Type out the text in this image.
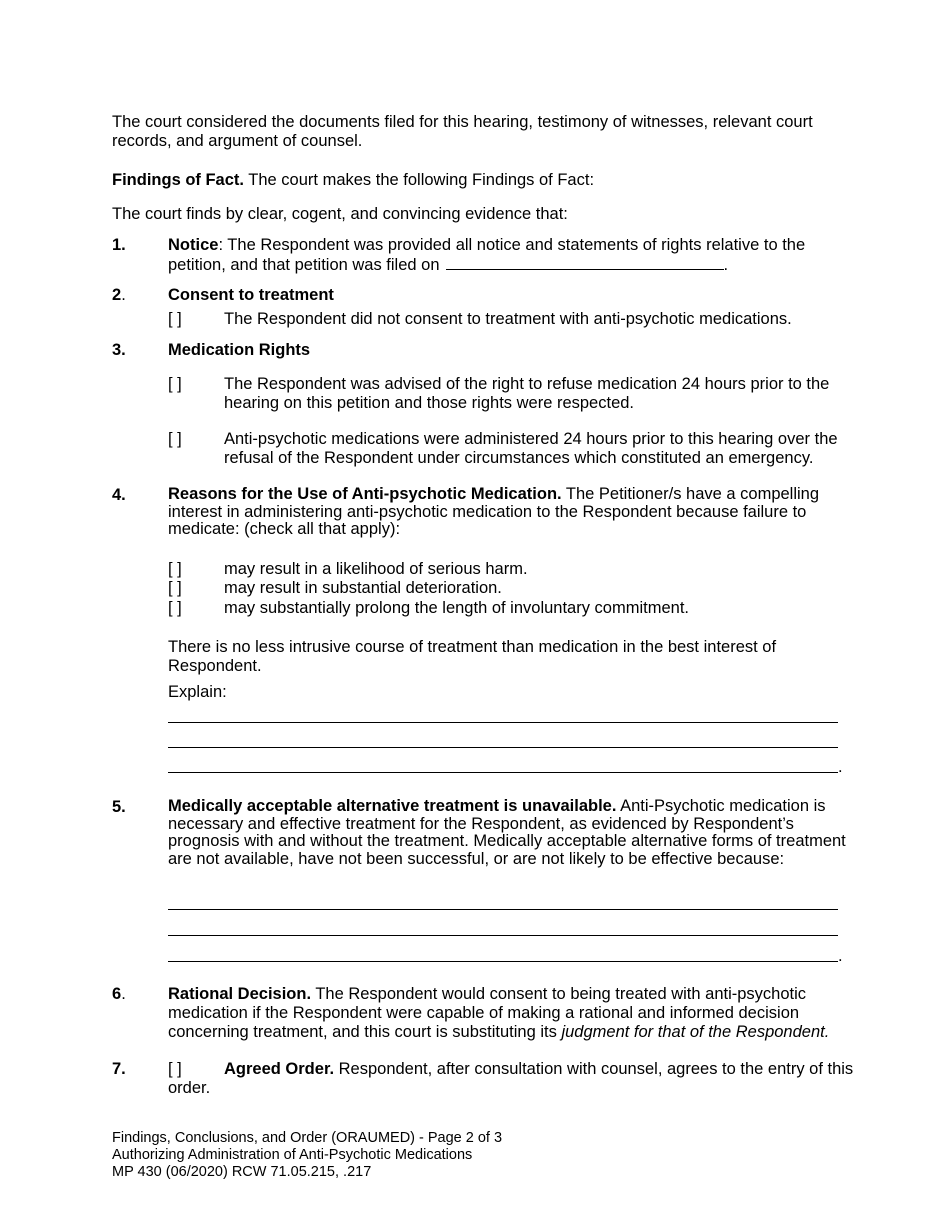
The court considered the documents filed for this hearing, testimony of witnesses, relevant court records, and argument of counsel.

Findings of Fact. The court makes the following Findings of Fact:

The court finds by clear, cogent, and convincing evidence that:

1.	Notice: The Respondent was provided all notice and statements of rights relative to the petition, and that petition was filed on	.

2.	Consent to treatment
[ ]	The Respondent did not consent to treatment with anti-psychotic medications.
3.	Medication Rights
[ ]	The Respondent was advised of the right to refuse medication 24 hours prior to the hearing on this petition and those rights were respected.

[ ]	Anti-psychotic medications were administered 24 hours prior to this hearing over the refusal of the Respondent under circumstances which constituted an emergency.

4.	Reasons for the Use of Anti-psychotic Medication. The Petitioner/s have a compelling interest in administering anti-psychotic medication to the Respondent because failure to medicate: (check all that apply):

[ ]	may result in a likelihood of serious harm.
[ ]	may result in substantial deterioration.
[ ]	may substantially prolong the length of involuntary commitment.

There is no less intrusive course of treatment than medication in the best interest of Respondent.

Explain:
.
5.	Medically acceptable alternative treatment is unavailable. Anti-Psychotic medication is necessary and effective treatment for the Respondent, as evidenced by Respondent’s prognosis with and without the treatment. Medically acceptable alternative forms of treatment are not available, have not been successful, or are not likely to be effective because:

.
6.	Rational Decision. The Respondent would consent to being treated with anti-psychotic medication if the Respondent were capable of making a rational and informed decision concerning treatment, and this court is substituting its judgment for that of the Respondent.

7.	[ ]	Agreed Order. Respondent, after consultation with counsel, agrees to the entry of this order.

Findings, Conclusions, and Order (ORAUMED) - Page 2 of 3
Authorizing Administration of Anti-Psychotic Medications
MP 430 (06/2020) RCW 71.05.215, .217
